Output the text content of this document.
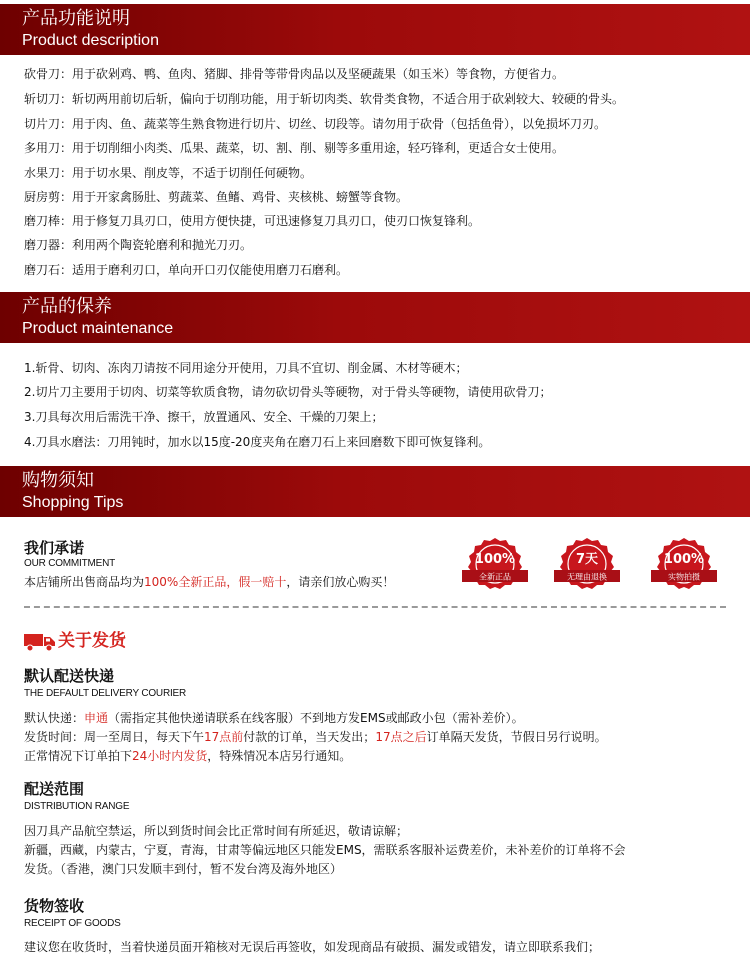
产品功能说明
Product description
砍骨刀：用于砍剁鸡、鸭、鱼肉、猪脚、排骨等带骨肉品以及坚硬蔬果（如玉米）等食物，方便省力。
斩切刀：斩切两用前切后斩，偏向于切削功能，用于斩切肉类、软骨类食物，不适合用于砍剁较大、较硬的骨头。
切片刀：用于肉、鱼、蔬菜等生熟食物进行切片、切丝、切段等。请勿用于砍骨（包括鱼骨），以免损坏刀刃。
多用刀：用于切削细小肉类、瓜果、蔬菜，切、割、削、剔等多重用途，轻巧锋利，更适合女士使用。
水果刀：用于切水果、削皮等，不适于切削任何硬物。
厨房剪：用于开家禽肠肚、剪蔬菜、鱼鳍、鸡骨、夹核桃、螃蟹等食物。
磨刀棒：用于修复刀具刃口，使用方便快捷，可迅速修复刀具刃口，使刃口恢复锋利。
磨刀器：利用两个陶瓷轮磨利和抛光刀刃。
磨刀石：适用于磨利刃口，单向开口刃仅能使用磨刀石磨利。
产品的保养
Product maintenance
1.斩骨、切肉、冻肉刀请按不同用途分开使用，刀具不宜切、削金属、木材等硬木；
2.切片刀主要用于切肉、切菜等软质食物，请勿砍切骨头等硬物，对于骨头等硬物，请使用砍骨刀；
3.刀具每次用后需洗干净、擦干，放置通风、安全、干燥的刀架上；
4.刀具水磨法：刀用钝时，加水以15度-20度夹角在磨刀石上来回磨数下即可恢复锋利。
购物须知
Shopping Tips
我们承诺
OUR COMMITMENT
本店铺所出售商品均为100%全新正品，假一赔十，请亲们放心购买！
100%
全新正品
7天
无理由退换
100%
实物拍摄
关于发货
默认配送快递
THE DEFAULT DELIVERY COURIER
默认快递：申通（需指定其他快递请联系在线客服）不到地方发EMS或邮政小包（需补差价）。
发货时间：周一至周日，每天下午17点前付款的订单，当天发出；17点之后订单隔天发货，节假日另行说明。
正常情况下订单拍下24小时内发货，特殊情况本店另行通知。
配送范围
DISTRIBUTION RANGE
因刀具产品航空禁运，所以到货时间会比正常时间有所延迟，敬请谅解；
新疆，西藏，内蒙古，宁夏，青海，甘肃等偏远地区只能发EMS，需联系客服补运费差价，未补差价的订单将不会
发货。（香港，澳门只发顺丰到付，暂不发台湾及海外地区）
货物签收
RECEIPT OF GOODS
建议您在收货时，当着快递员面开箱核对无误后再签收，如发现商品有破损、漏发或错发，请立即联系我们；
